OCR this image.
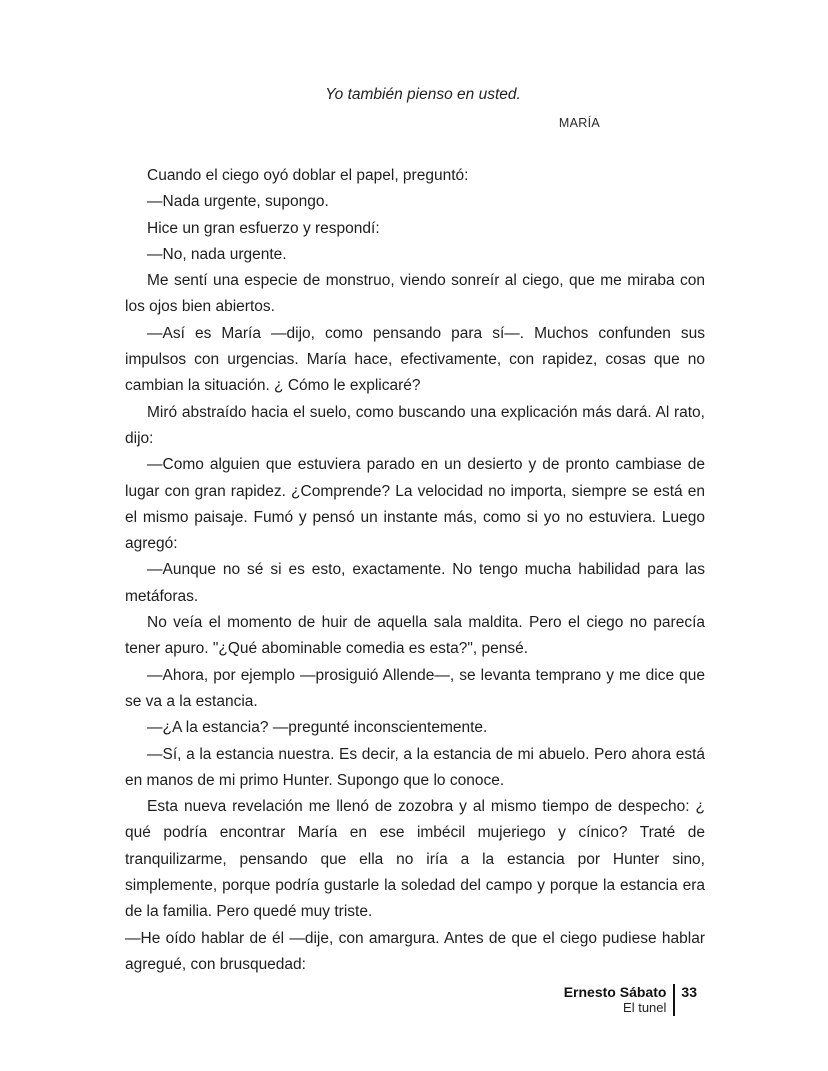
Yo también pienso en usted.
MARÍA

Cuando el ciego oyó doblar el papel, preguntó:

—Nada urgente, supongo.

Hice un gran esfuerzo y respondí:

—No, nada urgente.

Me sentí una especie de monstruo, viendo sonreír al ciego, que me miraba con los ojos bien abiertos.

—Así es María —dijo, como pensando para sí—. Muchos confunden sus impulsos con urgencias. María hace, efectivamente, con rapidez, cosas que no cambian la situación. ¿ Cómo le explicaré?

Miró abstraído hacia el suelo, como buscando una explicación más dará. Al rato, dijo:

—Como alguien que estuviera parado en un desierto y de pronto cambiase de lugar con gran rapidez. ¿Comprende? La velocidad no importa, siempre se está en el mismo paisaje. Fumó y pensó un instante más, como si yo no estuviera. Luego agregó:

—Aunque no sé si es esto, exactamente. No tengo mucha habilidad para las metáforas.

No veía el momento de huir de aquella sala maldita. Pero el ciego no parecía tener apuro. "¿Qué abominable comedia es esta?", pensé.

—Ahora, por ejemplo —prosiguió Allende—, se levanta temprano y me dice que se va a la estancia.

—¿A la estancia? —pregunté inconscientemente.

—Sí, a la estancia nuestra. Es decir, a la estancia de mi abuelo. Pero ahora está en manos de mi primo Hunter. Supongo que lo conoce.

Esta nueva revelación me llenó de zozobra y al mismo tiempo de despecho: ¿ qué podría encontrar María en ese imbécil mujeriego y cínico? Traté de tranquilizarme, pensando que ella no iría a la estancia por Hunter sino, simplemente, porque podría gustarle la soledad del campo y porque la estancia era de la familia. Pero quedé muy triste.

—He oído hablar de él —dije, con amargura. Antes de que el ciego pudiese hablar agregué, con brusquedad:

Ernesto Sábato
El tunel
33
